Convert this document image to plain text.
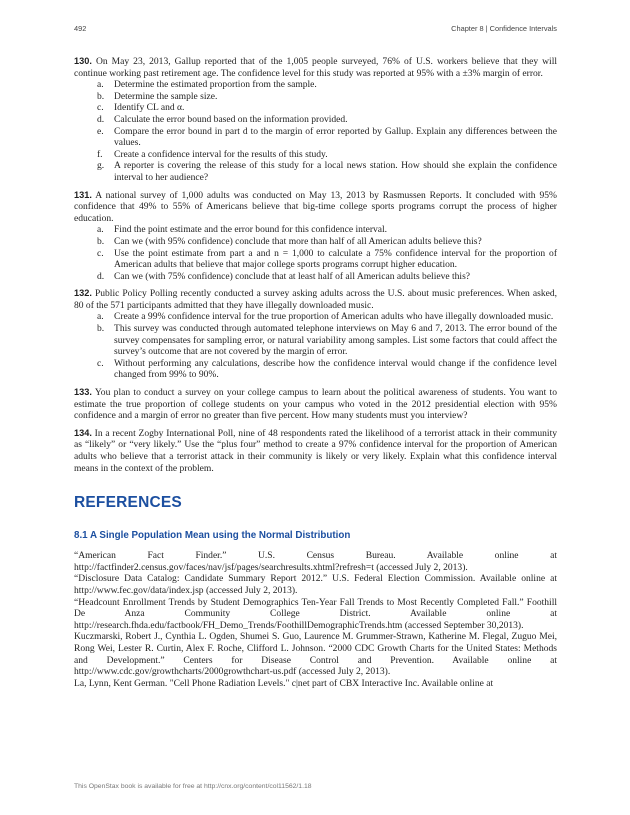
492	Chapter 8 | Confidence Intervals

130. On May 23, 2013, Gallup reported that of the 1,005 people surveyed, 76% of U.S. workers believe that they will continue working past retirement age. The confidence level for this study was reported at 95% with a ±3% margin of error.

a. Determine the estimated proportion from the sample.
b. Determine the sample size.
c. Identify CL and α.
d. Calculate the error bound based on the information provided.
e. Compare the error bound in part d to the margin of error reported by Gallup. Explain any differences between the values.
f. Create a confidence interval for the results of this study.
g. A reporter is covering the release of this study for a local news station. How should she explain the confidence interval to her audience?

131. A national survey of 1,000 adults was conducted on May 13, 2013 by Rasmussen Reports. It concluded with 95% confidence that 49% to 55% of Americans believe that big-time college sports programs corrupt the process of higher education.

a. Find the point estimate and the error bound for this confidence interval.
b. Can we (with 95% confidence) conclude that more than half of all American adults believe this?
c. Use the point estimate from part a and n = 1,000 to calculate a 75% confidence interval for the proportion of American adults that believe that major college sports programs corrupt higher education.
d. Can we (with 75% confidence) conclude that at least half of all American adults believe this?

132. Public Policy Polling recently conducted a survey asking adults across the U.S. about music preferences. When asked, 80 of the 571 participants admitted that they have illegally downloaded music.

a. Create a 99% confidence interval for the true proportion of American adults who have illegally downloaded music.
b. This survey was conducted through automated telephone interviews on May 6 and 7, 2013. The error bound of the survey compensates for sampling error, or natural variability among samples. List some factors that could affect the survey’s outcome that are not covered by the margin of error.
c. Without performing any calculations, describe how the confidence interval would change if the confidence level changed from 99% to 90%.

133. You plan to conduct a survey on your college campus to learn about the political awareness of students. You want to estimate the true proportion of college students on your campus who voted in the 2012 presidential election with 95% confidence and a margin of error no greater than five percent. How many students must you interview?

134. In a recent Zogby International Poll, nine of 48 respondents rated the likelihood of a terrorist attack in their community as “likely” or “very likely.” Use the “plus four” method to create a 97% confidence interval for the proportion of American adults who believe that a terrorist attack in their community is likely or very likely. Explain what this confidence interval means in the context of the problem.

REFERENCES
8.1 A Single Population Mean using the Normal Distribution

“American Fact Finder.” U.S. Census Bureau. Available online at http://factfinder2.census.gov/faces/nav/jsf/pages/searchresults.xhtml?refresh=t (accessed July 2, 2013).

“Disclosure Data Catalog: Candidate Summary Report 2012.” U.S. Federal Election Commission. Available online at http://www.fec.gov/data/index.jsp (accessed July 2, 2013).

“Headcount Enrollment Trends by Student Demographics Ten-Year Fall Trends to Most Recently Completed Fall.” Foothill De Anza Community College District. Available online at http://research.fhda.edu/factbook/FH_Demo_Trends/FoothillDemographicTrends.htm (accessed September 30,2013).

Kuczmarski, Robert J., Cynthia L. Ogden, Shumei S. Guo, Laurence M. Grummer-Strawn, Katherine M. Flegal, Zuguo Mei, Rong Wei, Lester R. Curtin, Alex F. Roche, Clifford L. Johnson. “2000 CDC Growth Charts for the United States: Methods and Development.” Centers for Disease Control and Prevention. Available online at http://www.cdc.gov/growthcharts/2000growthchart-us.pdf (accessed July 2, 2013).

La, Lynn, Kent German. "Cell Phone Radiation Levels." c|net part of CBX Interactive Inc. Available online at

This OpenStax book is available for free at http://cnx.org/content/col11562/1.18
